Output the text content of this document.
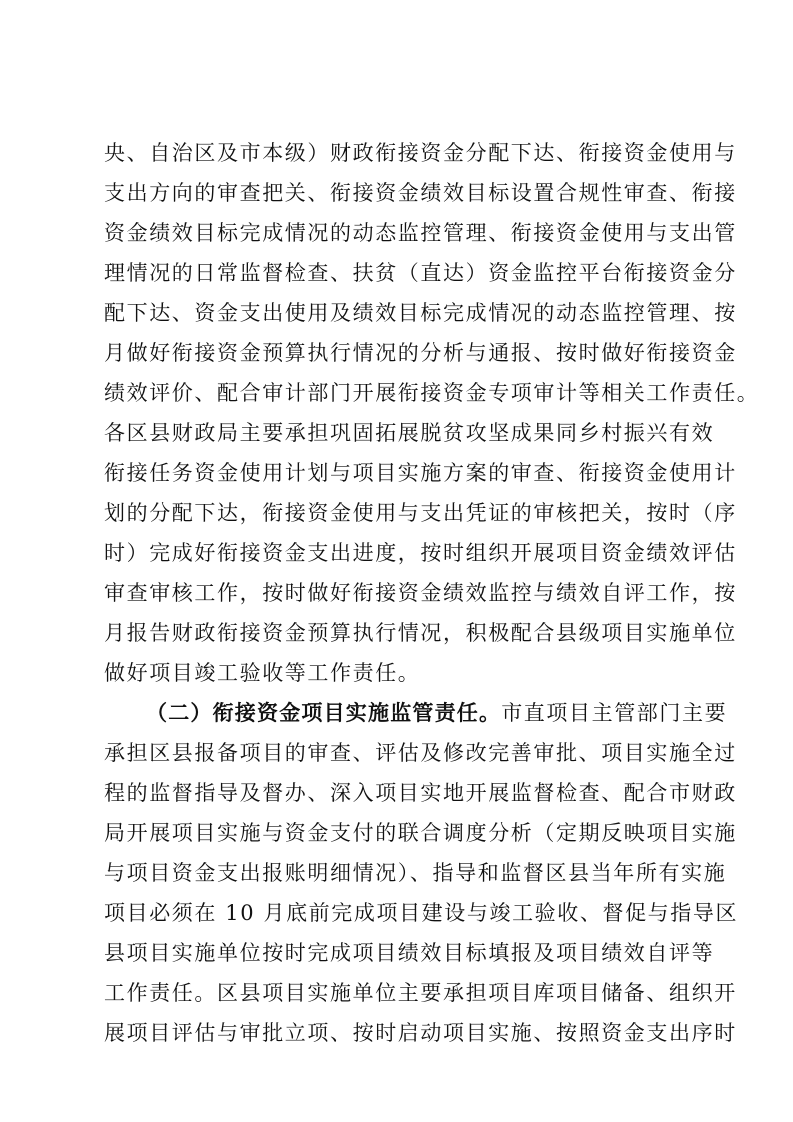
央、自治区及市本级）财政衔接资金分配下达、衔接资金使用与
支出方向的审查把关、衔接资金绩效目标设置合规性审查、衔接
资金绩效目标完成情况的动态监控管理、衔接资金使用与支出管
理情况的日常监督检查、扶贫（直达）资金监控平台衔接资金分
配下达、资金支出使用及绩效目标完成情况的动态监控管理、按
月做好衔接资金预算执行情况的分析与通报、按时做好衔接资金
绩效评价、配合审计部门开展衔接资金专项审计等相关工作责任。
各区县财政局主要承担巩固拓展脱贫攻坚成果同乡村振兴有效
衔接任务资金使用计划与项目实施方案的审查、衔接资金使用计
划的分配下达，衔接资金使用与支出凭证的审核把关，按时（序
时）完成好衔接资金支出进度，按时组织开展项目资金绩效评估
审查审核工作，按时做好衔接资金绩效监控与绩效自评工作，按
月报告财政衔接资金预算执行情况，积极配合县级项目实施单位
做好项目竣工验收等工作责任。
（二）衔接资金项目实施监管责任。市直项目主管部门主要
承担区县报备项目的审查、评估及修改完善审批、项目实施全过
程的监督指导及督办、深入项目实地开展监督检查、配合市财政
局开展项目实施与资金支付的联合调度分析（定期反映项目实施
与项目资金支出报账明细情况）、指导和监督区县当年所有实施
项目必须在 10 月底前完成项目建设与竣工验收、督促与指导区
县项目实施单位按时完成项目绩效目标填报及项目绩效自评等
工作责任。区县项目实施单位主要承担项目库项目储备、组织开
展项目评估与审批立项、按时启动项目实施、按照资金支出序时
